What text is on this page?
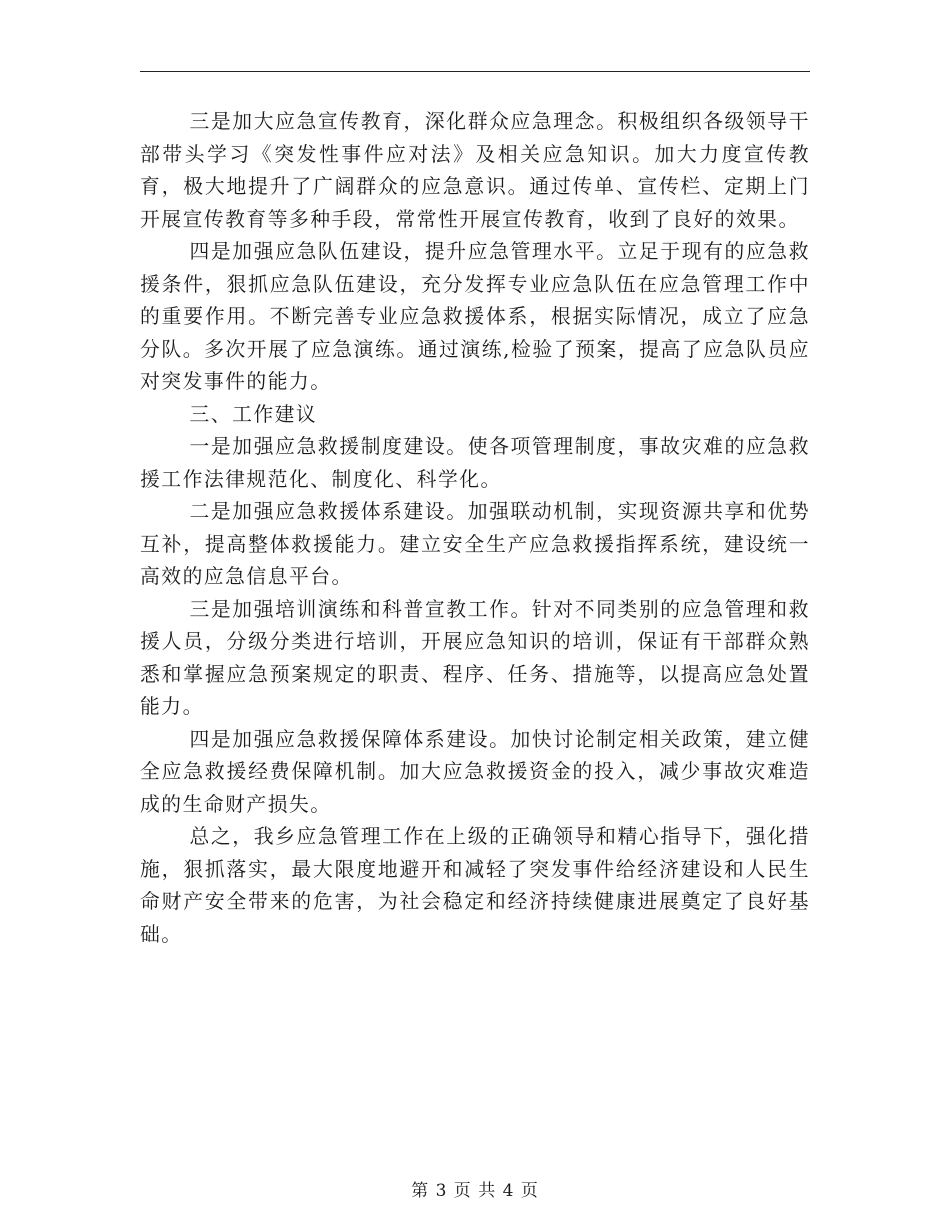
三是加大应急宣传教育，深化群众应急理念。积极组织各级领导干部带头学习《突发性事件应对法》及相关应急知识。加大力度宣传教育，极大地提升了广阔群众的应急意识。通过传单、宣传栏、定期上门开展宣传教育等多种手段，常常性开展宣传教育，收到了良好的效果。

四是加强应急队伍建设，提升应急管理水平。立足于现有的应急救援条件，狠抓应急队伍建设，充分发挥专业应急队伍在应急管理工作中的重要作用。不断完善专业应急救援体系，根据实际情况，成立了应急分队。多次开展了应急演练。通过演练,检验了预案，提高了应急队员应对突发事件的能力。

三、工作建议

一是加强应急救援制度建设。使各项管理制度，事故灾难的应急救援工作法律规范化、制度化、科学化。

二是加强应急救援体系建设。加强联动机制，实现资源共享和优势互补，提高整体救援能力。建立安全生产应急救援指挥系统，建设统一高效的应急信息平台。

三是加强培训演练和科普宣教工作。针对不同类别的应急管理和救援人员，分级分类进行培训，开展应急知识的培训，保证有干部群众熟悉和掌握应急预案规定的职责、程序、任务、措施等，以提高应急处置能力。

四是加强应急救援保障体系建设。加快讨论制定相关政策，建立健全应急救援经费保障机制。加大应急救援资金的投入，减少事故灾难造成的生命财产损失。

总之，我乡应急管理工作在上级的正确领导和精心指导下，强化措施，狠抓落实，最大限度地避开和减轻了突发事件给经济建设和人民生命财产安全带来的危害，为社会稳定和经济持续健康进展奠定了良好基础。

第 3 页 共 4 页
